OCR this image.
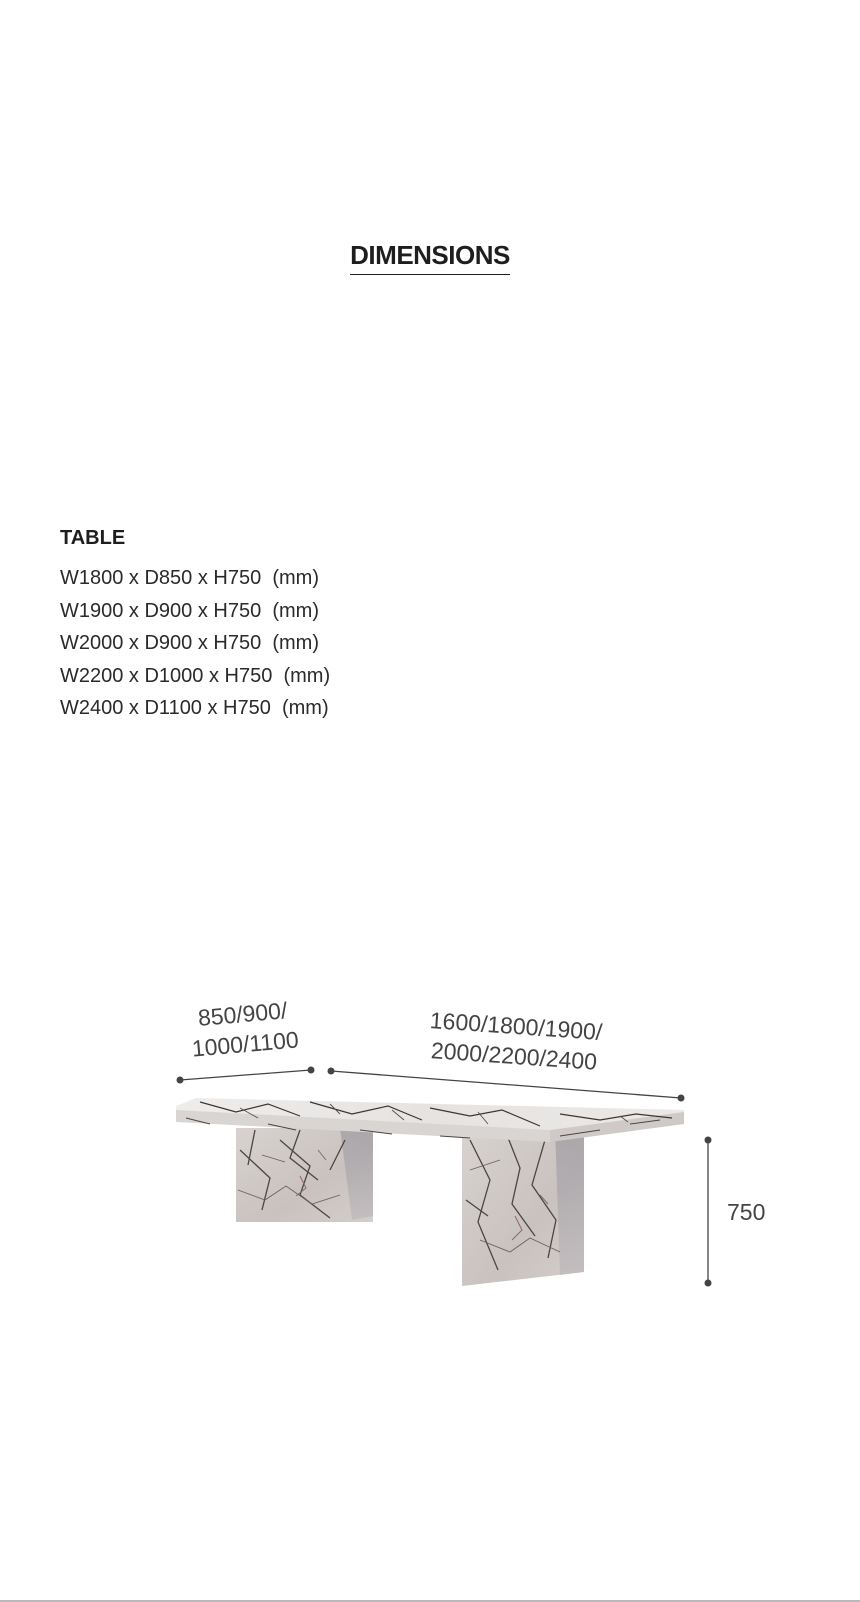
DIMENSIONS
TABLE
W1800 x D850 x H750  (mm)
W1900 x D900 x H750  (mm)
W2000 x D900 x H750  (mm)
W2200 x D1000 x H750  (mm)
W2400 x D1100 x H750  (mm)
850/900/
1000/1100	1600/1800/1900/
2000/2200/2400
750
